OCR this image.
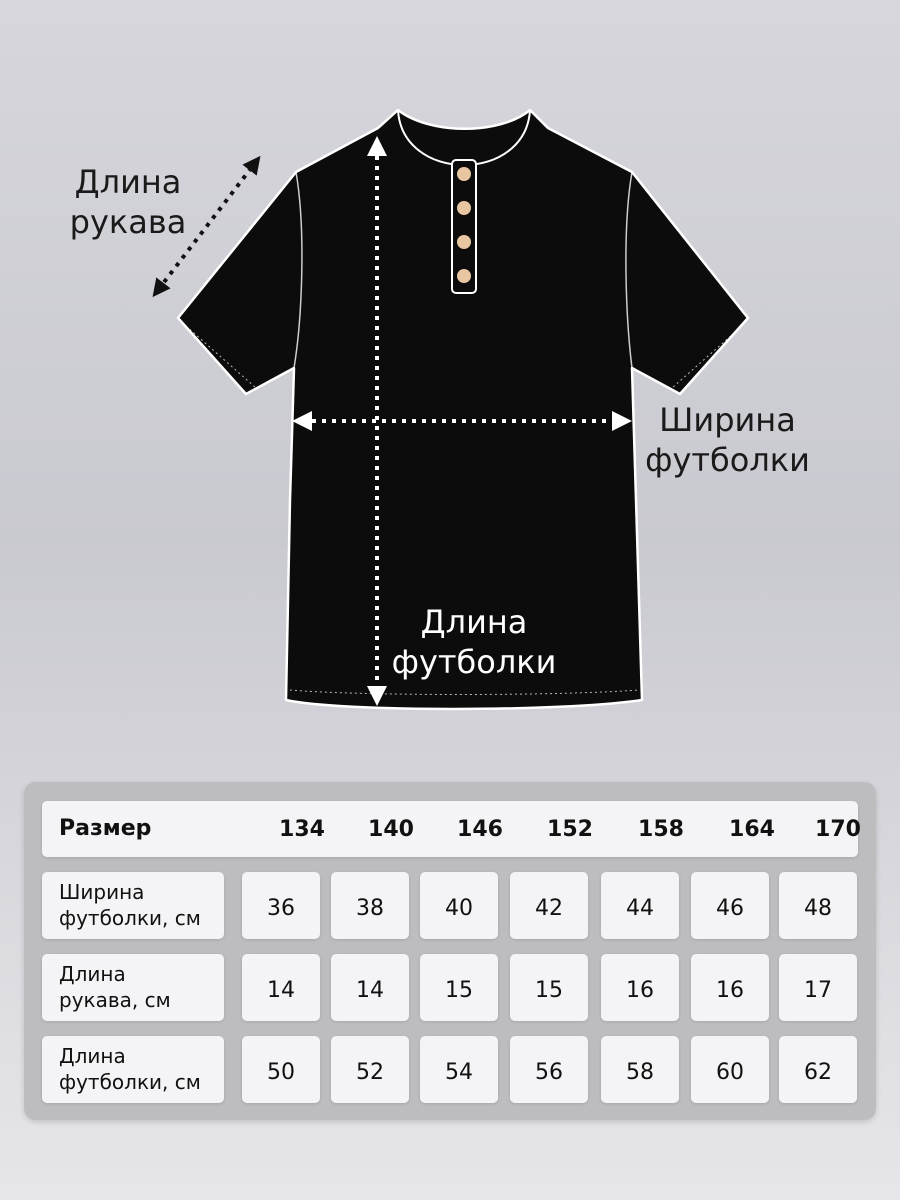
Длина
рукава
Ширина
футболки
Длина
футболки
Размер	134	140	146	152	158	164	170
Ширина
футболки, см	36	38	40	42	44	46	48
Длина
рукава, см	14	14	15	15	16	16	17
Длина
футболки, см	50	52	54	56	58	60	62
